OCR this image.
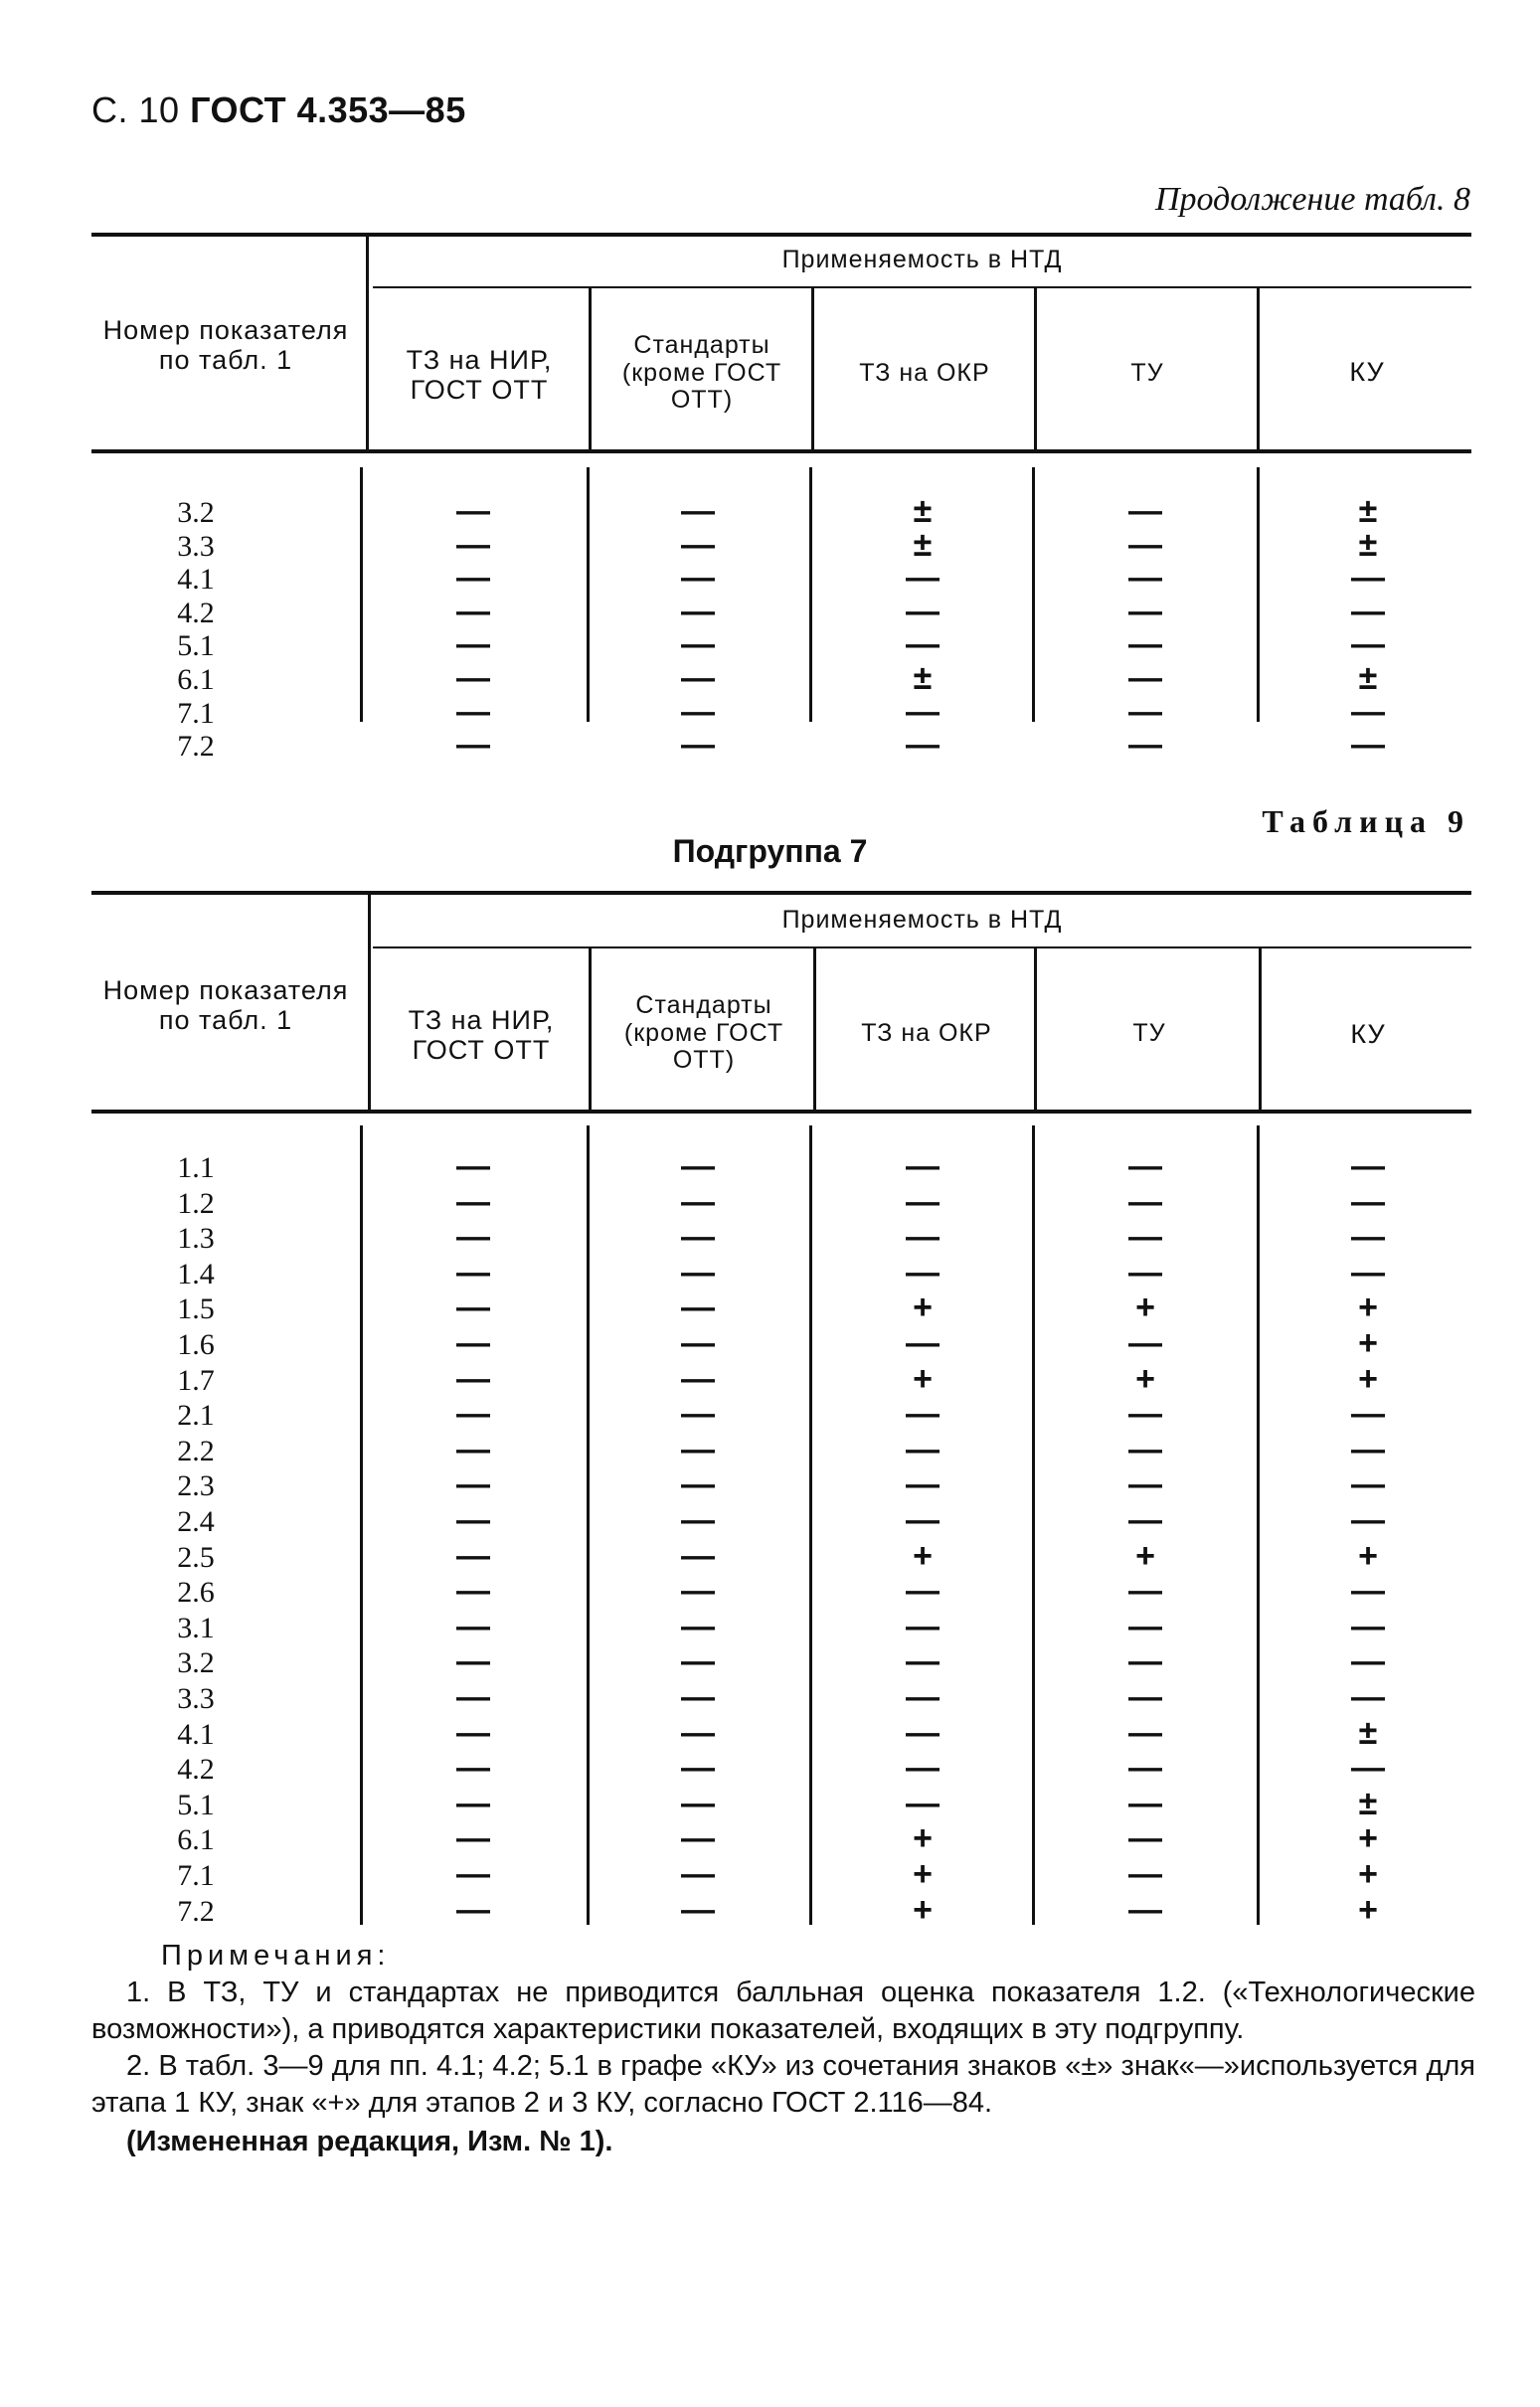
С. 10 ГОСТ 4.353—85
Продолжение табл. 8
Применяемость в НТД
Номер показателя по табл. 1	ТЗ на НИР, ГОСТ ОТТ
Стандарты (кроме ГОСТ ОТТ)
ТЗ на ОКР	ТУ	КУ
3.2	—	—	±	—	±
3.3	—	—	±	—	±
4.1	—	—	—	—	—
4.2	—	—	—	—	—
5.1	—	—	—	—	—
6.1	—	—	±	—	±
7.1	—	—	—	—	—
7.2	—	—	—	—	—
Таблица 9
Подгруппа 7
Применяемость в НТД
Номер показателя по табл. 1	ТЗ на НИР, ГОСТ ОТТ
Стандарты (кроме ГОСТ ОТТ)
ТЗ на ОКР	ТУ	КУ
1.1	—	—	—	—	—
1.2	—	—	—	—	—
1.3	—	—	—	—	—
1.4	—	—	—	—	—
1.5	—	—	+	+	+
1.6	—	—	—	—	+
1.7	—	—	+	+	+
2.1	—	—	—	—	—
2.2	—	—	—	—	—
2.3	—	—	—	—	—
2.4	—	—	—	—	—
2.5	—	—	+	+	+
2.6	—	—	—	—	—
3.1	—	—	—	—	—
3.2	—	—	—	—	—
3.3	—	—	—	—	—
4.1	—	—	—	—	±
4.2	—	—	—	—	—
5.1	—	—	—	—	±
6.1	—	—	+	—	+
7.1	—	—	+	—	+
7.2	—	—	+	—	+
Примечания:
1. В ТЗ, ТУ и стандартах не приводится балльная оценка показателя 1.2. («Технологические возможности»), а приводятся характеристики показателей, входящих в эту подгруппу.
2. В табл. 3—9 для пп. 4.1; 4.2; 5.1 в графе «КУ» из сочетания знаков «±» знак«—»используется для этапа 1 КУ, знак «+» для этапов 2 и 3 КУ, согласно ГОСТ 2.116—84.
(Измененная редакция, Изм. № 1).
